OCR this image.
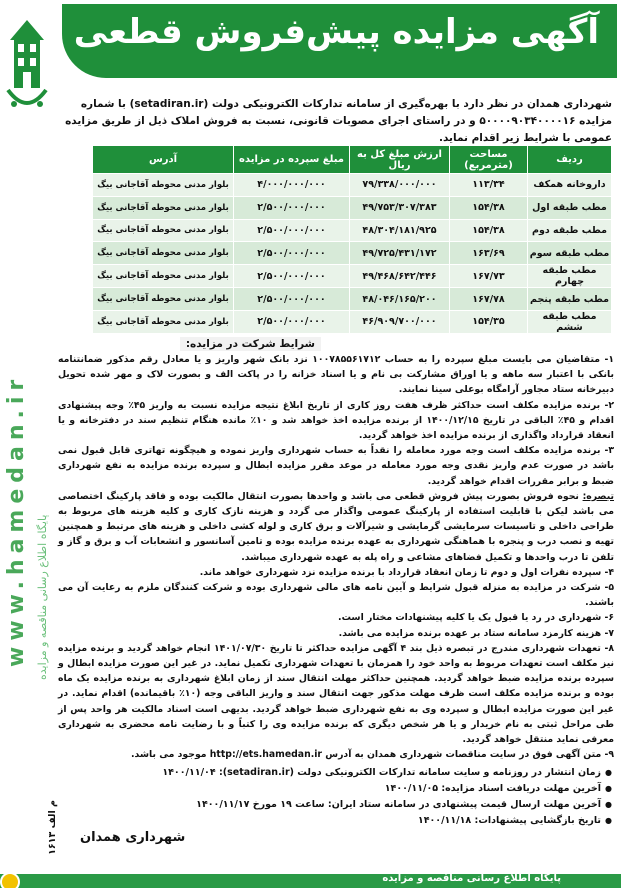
www.hamedan.ir پایگاه اطلاع رسانی مناقصه و مزایده
آگهی مزایده پیش‌فروش قطعی
شهرداری همدان در نظر دارد با بهره‌گیری از سامانه تدارکات الکترونیکی دولت (setadiran.ir) با شماره مزایده ۵۰۰۰۰۹۰۳۴۰۰۰۰۱۶ و در راستای اجرای مصوبات قانونی، نسبت به فروش املاک ذیل از طریق مزایده عمومی با شرایط زیر اقدام نماید.
ردیف	مساحت (مترمربع)	ارزش مبلغ کل به ریال	مبلغ سپرده در مزایده	آدرس
داروخانه همکف	۱۱۳/۳۴	۷۹/۳۳۸/۰۰۰/۰۰۰	۴/۰۰۰/۰۰۰/۰۰۰	بلوار مدنی محوطه آقاجانی بیگ
مطب طبقه اول	۱۵۴/۳۸	۴۹/۷۵۳/۳۰۷/۳۸۳	۲/۵۰۰/۰۰۰/۰۰۰	بلوار مدنی محوطه آقاجانی بیگ
مطب طبقه دوم	۱۵۴/۳۸	۴۸/۳۰۴/۱۸۱/۹۲۵	۲/۵۰۰/۰۰۰/۰۰۰	بلوار مدنی محوطه آقاجانی بیگ
مطب طبقه سوم	۱۶۳/۶۹	۴۹/۷۲۵/۴۳۱/۱۷۲	۲/۵۰۰/۰۰۰/۰۰۰	بلوار مدنی محوطه آقاجانی بیگ
مطب طبقه چهارم	۱۶۷/۷۳	۴۹/۴۶۸/۶۴۲/۴۴۶	۲/۵۰۰/۰۰۰/۰۰۰	بلوار مدنی محوطه آقاجانی بیگ
مطب طبقه پنجم	۱۶۷/۷۸	۴۸/۰۴۶/۱۶۵/۲۰۰	۲/۵۰۰/۰۰۰/۰۰۰	بلوار مدنی محوطه آقاجانی بیگ
مطب طبقه ششم	۱۵۴/۳۵	۴۶/۹۰۹/۷۰۰/۰۰۰	۲/۵۰۰/۰۰۰/۰۰۰	بلوار مدنی محوطه آقاجانی بیگ
شرایط شرکت در مزایده:

۱- متقاضیان می بایست مبلغ سپرده را به حساب ۱۰۰۷۸۵۵۶۱۷۱۲ نزد بانک شهر واریز و یا معادل رقم مذکور ضمانتنامه بانکی با اعتبار سه ماهه و یا اوراق مشارکت بی نام و یا اسناد خزانه را در پاکت الف و بصورت لاک و مهر شده تحویل دبیرخانه ستاد مجاور آرامگاه بوعلی سینا نمایند.

۲- برنده مزایده مکلف است حداکثر ظرف هفت روز کاری از تاریخ ابلاغ نتیجه مزایده نسبت به واریز ۴۵٪ وجه پیشنهادی اقدام و ۴۵٪ الباقی در تاریخ ۱۴۰۰/۱۲/۱۵ از برنده مزایده اخذ خواهد شد و ۱۰٪ مانده هنگام تنظیم سند در دفترخانه و یا انعقاد قرارداد واگذاری از برنده مزایده اخذ خواهد گردید.

۳- برنده مزایده مکلف است وجه مورد معامله را نقداً به حساب شهرداری واریز نموده و هیچگونه تهاتری قابل قبول نمی باشد در صورت عدم واریز نقدی وجه مورد معامله در موعد مقرر مزایده ابطال و سپرده برنده مزایده به نفع شهرداری ضبط و برابر مقررات اقدام خواهد گردید.

تبصره: نحوه فروش بصورت پیش فروش قطعی می باشد و واحدها بصورت انتقال مالکیت بوده و فاقد پارکینگ اختصاصی می باشد لیکن با قابلیت استفاده از پارکینگ عمومی واگذار می گردد و هزینه نازک کاری و کلیه هزینه های مربوط به طراحی داخلی و تاسیسات سرمایشی گرمایشی و شیرآلات و برق کاری و لوله کشی داخلی و هزینه های مرتبط و همچنین تهیه و نصب درب و پنجره با هماهنگی شهرداری به عهده برنده مزایده بوده و تامین آسانسور و انشعابات آب و برق و گاز و تلفن تا درب واحدها و تکمیل فضاهای مشاعی و راه پله به عهده شهرداری میباشد.

۴- سپرده نفرات اول و دوم تا زمان انعقاد قرارداد با برنده مزایده نزد شهرداری خواهد ماند.

۵- شرکت در مزایده به منزله قبول شرایط و آیین نامه های مالی شهرداری بوده و شرکت کنندگان ملزم به رعایت آن می باشند.

۶- شهرداری در رد یا قبول یک یا کلیه پیشنهادات مختار است.

۷- هزینه کارمزد سامانه ستاد بر عهده برنده مزایده می باشد.

۸- تعهدات شهرداری مندرج در تبصره ذیل بند ۴ آگهی مزایده حداکثر تا تاریخ ۱۴۰۱/۰۷/۳۰ انجام خواهد گردید و برنده مزایده نیز مکلف است تعهدات مربوط به واحد خود را همزمان با تعهدات شهرداری تکمیل نماید. در غیر این صورت مزایده ابطال و سپرده برنده مزایده ضبط خواهد گردید. همچنین حداکثر مهلت انتقال سند از زمان ابلاغ شهرداری به برنده مزایده یک ماه بوده و برنده مزایده مکلف است ظرف مهلت مذکور جهت انتقال سند و واریز الباقی وجه (۱۰٪ باقیمانده) اقدام نماید. در غیر این صورت مزایده ابطال و سپرده وی به نفع شهرداری ضبط خواهد گردید. بدیهی است اسناد مالکیت هر واحد پس از طی مراحل ثبتی به نام خریدار و یا هر شخص دیگری که برنده مزایده وی را کتباً و با رضایت نامه محضری به شهرداری معرفی نماید منتقل خواهد گردید.

۹- متن آگهی فوق در سایت مناقصات شهرداری همدان به آدرس http://ets.hamedan.ir موجود می باشد.

● زمان انتشار در روزنامه و سایت سامانه تدارکات الکترونیکی دولت (setadiran.ir): ۱۴۰۰/۱۱/۰۴
● آخرین مهلت دریافت اسناد مزایده: ۱۴۰۰/۱۱/۰۵
● آخرین مهلت ارسال قیمت پیشنهادی در سامانه ستاد ایران: ساعت ۱۹ مورخ ۱۴۰۰/۱۱/۱۷
● تاریخ بازگشایی پیشنهادات: ۱۴۰۰/۱۱/۱۸
م الف ۱۶۱۳
شهرداری همدان
پایگاه اطلاع رسانی مناقصه و مزایده
